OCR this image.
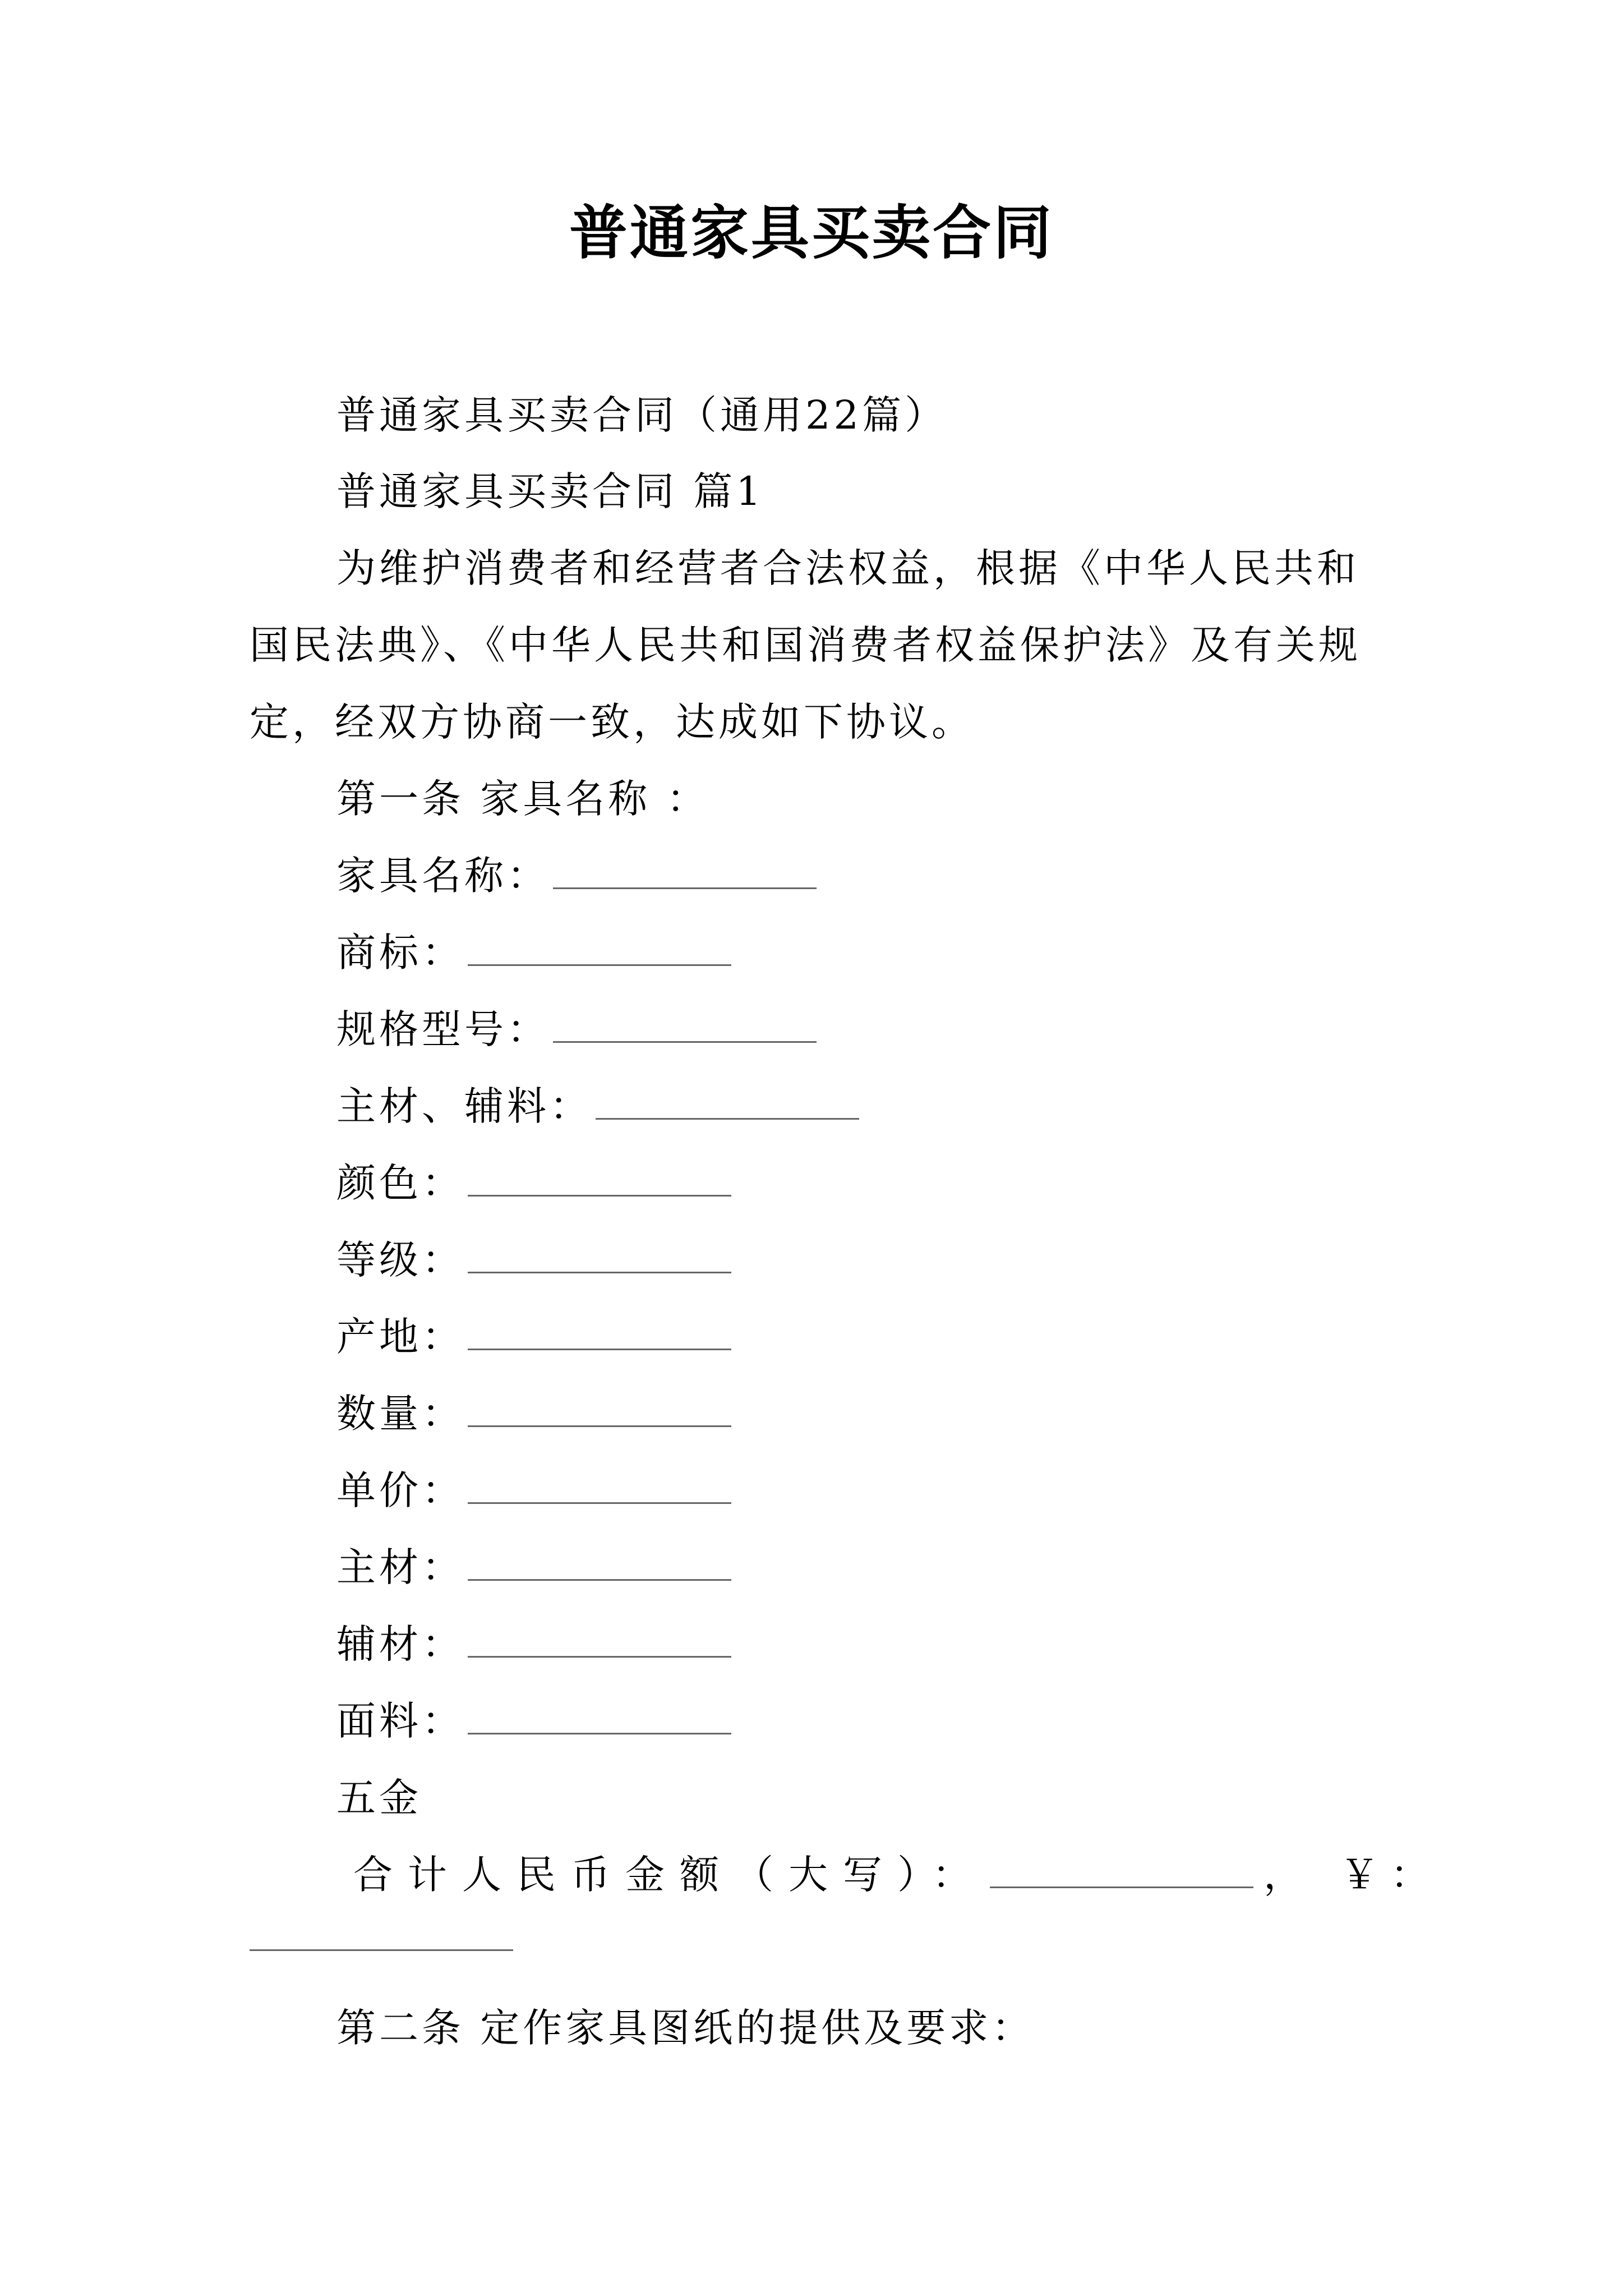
普通家具买卖合同
普通家具买卖合同（通用22篇）
普通家具买卖合同 篇1
为维护消费者和经营者合法权益，根据《中华人民共和
国民法典》、《中华人民共和国消费者权益保护法》及有关规
定，经双方协商一致，达成如下协议。
第一条 家具名称 ：
家具名称：
商标：
规格型号：
主材、辅料：
颜色：
等级：
产地：
数量：
单价：
主材：
辅材：
面料：
五金
合计人民币金额（大写）：	， ￥：
第二条 定作家具图纸的提供及要求：
